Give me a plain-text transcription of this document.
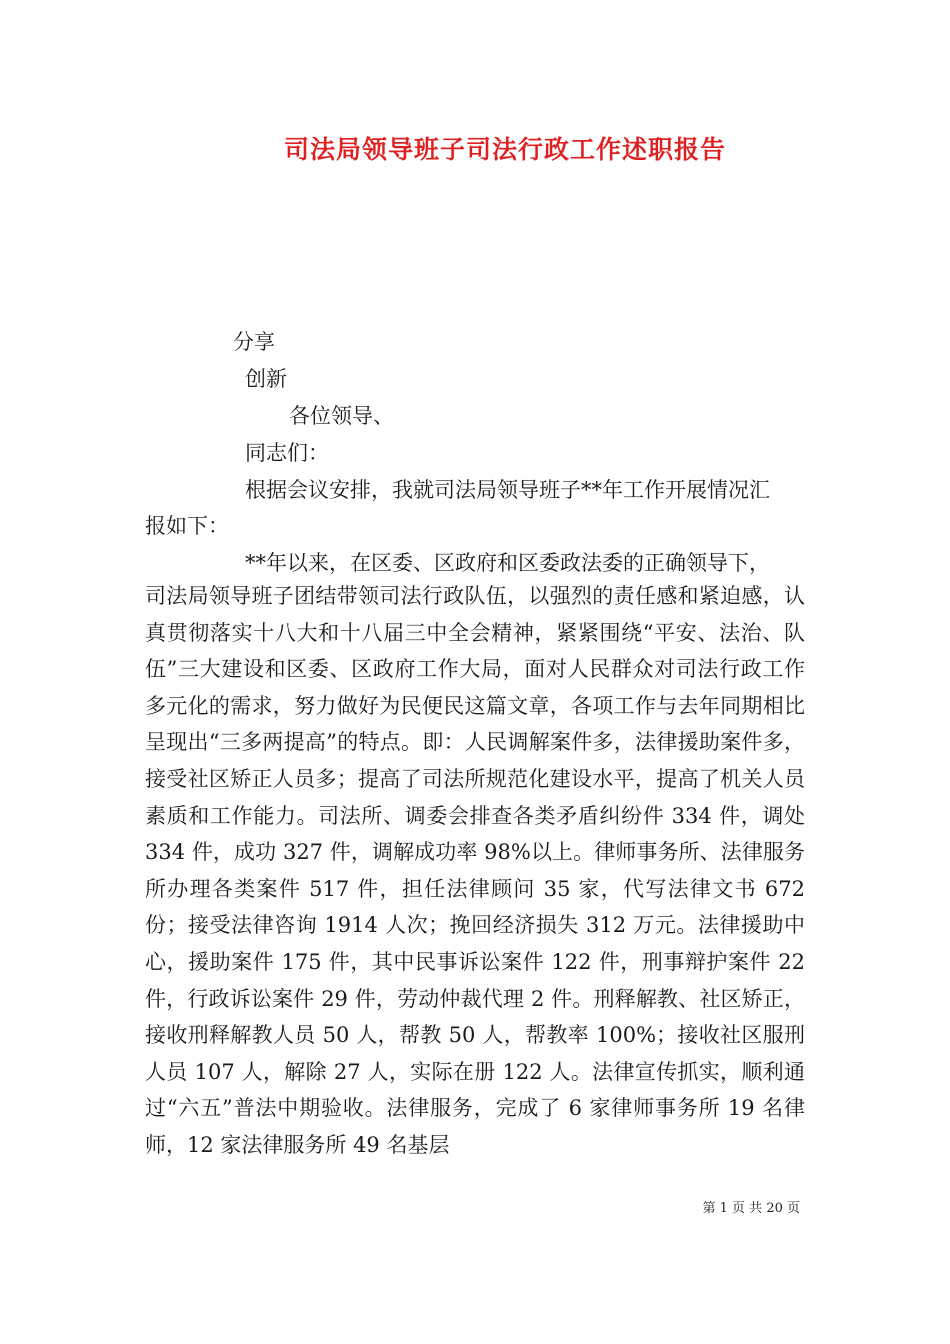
司法局领导班子司法行政工作述职报告
分享
创新
各位领导、
同志们：
根据会议安排，我就司法局领导班子**年工作开展情况汇
报如下：
**年以来，在区委、区政府和区委政法委的正确领导下，
司法局领导班子团结带领司法行政队伍，以强烈的责任感和紧迫感，认真贯彻落实十八大和十八届三中全会精神，紧紧围绕“平安、法治、队伍”三大建设和区委、区政府工作大局，面对人民群众对司法行政工作多元化的需求，努力做好为民便民这篇文章，各项工作与去年同期相比呈现出“三多两提高”的特点。即：人民调解案件多，法律援助案件多，接受社区矫正人员多；提高了司法所规范化建设水平，提高了机关人员素质和工作能力。司法所、调委会排查各类矛盾纠纷件 334 件，调处 334 件，成功 327 件，调解成功率 98%以上。律师事务所、法律服务所办理各类案件 517 件，担任法律顾问 35 家，代写法律文书 672 份；接受法律咨询 1914 人次；挽回经济损失 312 万元。法律援助中心，援助案件 175 件，其中民事诉讼案件 122 件，刑事辩护案件 22 件，行政诉讼案件 29 件，劳动仲裁代理 2 件。刑释解教、社区矫正，接收刑释解教人员 50 人，帮教 50 人，帮教率 100%；接收社区服刑人员 107 人，解除 27 人，实际在册 122 人。法律宣传抓实，顺利通过“六五”普法中期验收。法律服务，完成了 6 家律师事务所 19 名律师，12 家法律服务所 49 名基层
第 1 页 共 20 页
